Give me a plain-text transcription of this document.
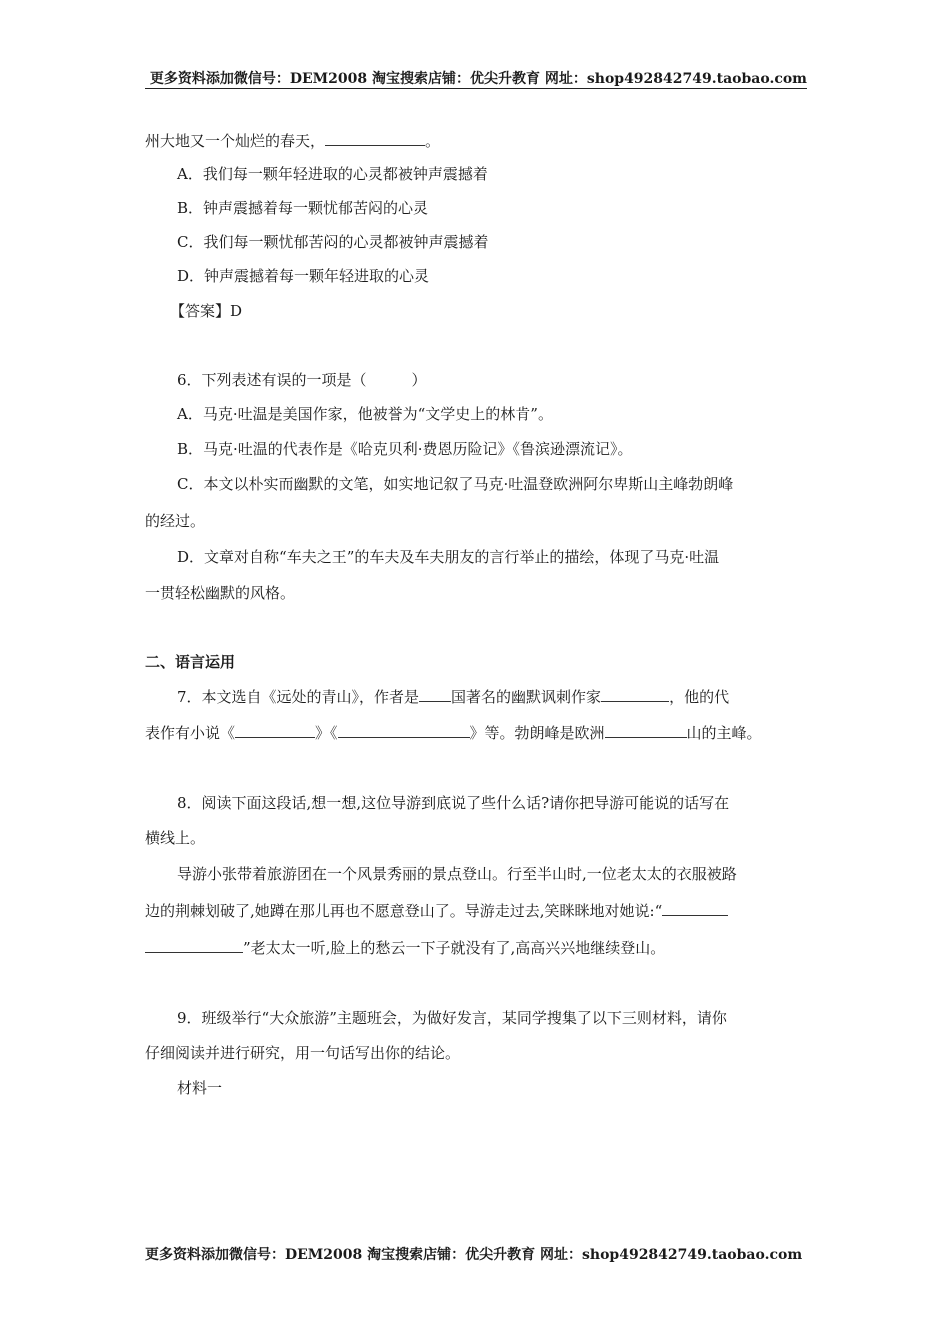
更多资料添加微信号：DEM2008 淘宝搜索店铺：优尖升教育 网址：shop492842749.taobao.com
州大地又一个灿烂的春天，	。
A．我们每一颗年轻进取的心灵都被钟声震撼着
B．钟声震撼着每一颗忧郁苦闷的心灵
C．我们每一颗忧郁苦闷的心灵都被钟声震撼着
D．钟声震撼着每一颗年轻进取的心灵
【答案】D
6．下列表述有误的一项是（　　　）
A．马克·吐温是美国作家，他被誉为“文学史上的林肯”。
B．马克·吐温的代表作是《哈克贝利·费恩历险记》《鲁滨逊漂流记》。
C．本文以朴实而幽默的文笔，如实地记叙了马克·吐温登欧洲阿尔卑斯山主峰勃朗峰
的经过。
D．文章对自称“车夫之王”的车夫及车夫朋友的言行举止的描绘，体现了马克·吐温
一贯轻松幽默的风格。
二、语言运用
7．本文选自《远处的青山》，作者是 国著名的幽默讽刺作家	，他的代
表作有小说《	》《	》等。勃朗峰是欧洲	山的主峰。
8．阅读下面这段话,想一想,这位导游到底说了些什么话?请你把导游可能说的话写在
横线上。
导游小张带着旅游团在一个风景秀丽的景点登山。行至半山时,一位老太太的衣服被路
边的荆棘划破了,她蹲在那儿再也不愿意登山了。导游走过去,笑眯眯地对她说:“
”老太太一听,脸上的愁云一下子就没有了,高高兴兴地继续登山。
9．班级举行“大众旅游”主题班会，为做好发言，某同学搜集了以下三则材料，请你
仔细阅读并进行研究，用一句话写出你的结论。
材料一
更多资料添加微信号：DEM2008 淘宝搜索店铺：优尖升教育 网址：shop492842749.taobao.com
